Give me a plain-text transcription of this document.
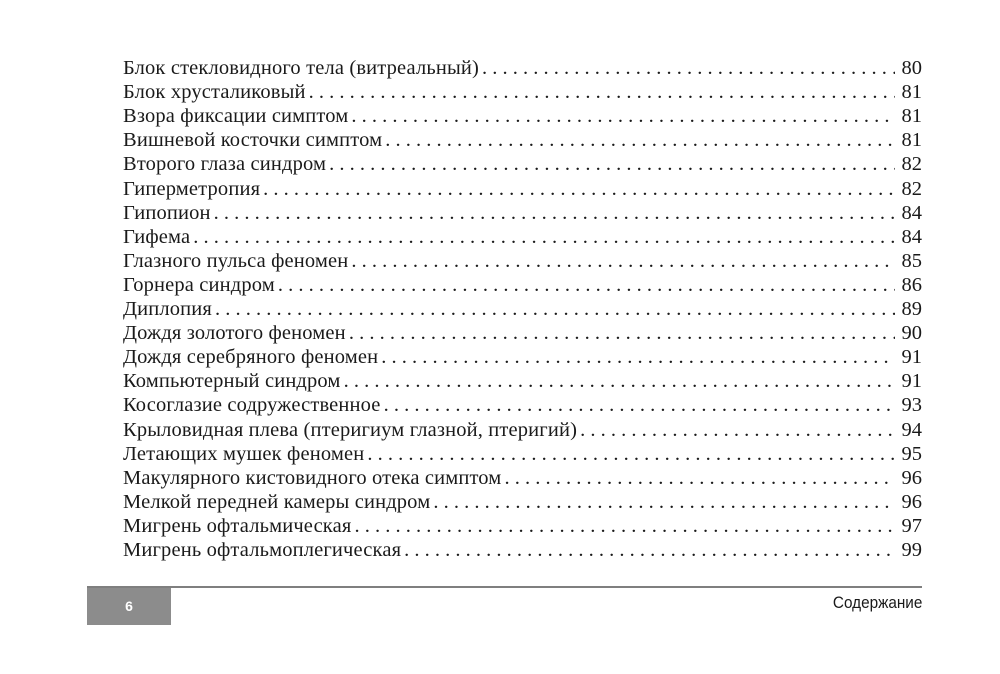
Блок стекловидного тела (витреальный) . . .	80
Блок хрусталиковый . . .	81
Взора фиксации симптом . . .	81
Вишневой косточки симптом . . .	81
Второго глаза синдром . . .	82
Гиперметропия . . .	82
Гипопион . . .	84
Гифема . . .	84
Глазного пульса феномен . . .	85
Горнера синдром . . .	86
Диплопия . . .	89
Дождя золотого феномен . . .	90
Дождя серебряного феномен . . .	91
Компьютерный синдром . . .	91
Косоглазие содружественное . . .	93
Крыловидная плева (птеригиум глазной, птеригий) . . .	94
Летающих мушек феномен . . .	95
Макулярного кистовидного отека симптом . . .	96
Мелкой передней камеры синдром . . .	96
Мигрень офтальмическая . . .	97
Мигрень офтальмоплегическая . . .	99
6	Содержание
